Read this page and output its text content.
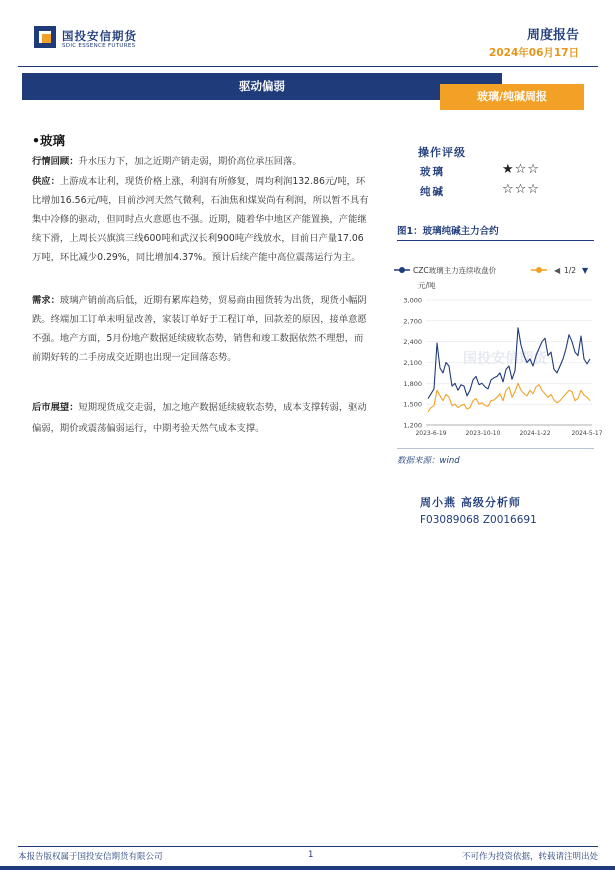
国投安信期货
SDIC ESSENCE FUTURES
周度报告
2024年06月17日
驱动偏弱
玻璃/纯碱周报
•玻璃
行情回顾：升水压力下，加之近期产销走弱，期价高位承压回落。
供应：上游成本让利，现货价格上涨，利润有所修复，周均利润132.86元/吨，环比增加16.56元/吨，目前沙河天然气微利，石油焦和煤炭尚有利润，所以暂不具有集中冷修的驱动，但同时点火意愿也不强。近期，随着华中地区产能置换，产能继续下滑，上周长兴旗滨三线600吨和武汉长利900吨产线放水，目前日产量17.06万吨，环比减少0.29%，同比增加4.37%。预计后续产能中高位震荡运行为主。
需求：玻璃产销前高后低，近期有累库趋势，贸易商由囤货转为出货，现货小幅阴跌。终端加工订单未明显改善，家装订单好于工程订单，回款差的原因，接单意愿不强。地产方面，5月份地产数据延续疲软态势，销售和竣工数据依然不理想，而前期好转的二手房成交近期也出现一定回落态势。
后市展望：短期现货成交走弱，加之地产数据延续疲软态势，成本支撑转弱，驱动偏弱，期价或震荡偏弱运行，中期考验天然气成本支撑。
操作评级
玻璃	★☆☆
纯碱	☆☆☆
图1：玻璃纯碱主力合约
CZC玻璃主力连续收盘价	◀ 1/2 ▼
元/吨
国投安信期货
1,200
1,500
1,800
2,100
2,400
2,700
3,000
2023-6-19	2023-10-10	2024-1-22	2024-5-17
数据来源：wind
周小燕 高级分析师
F03089068 Z0016691
本报告版权属于国投安信期货有限公司	1	不可作为投资依据，转载请注明出处
